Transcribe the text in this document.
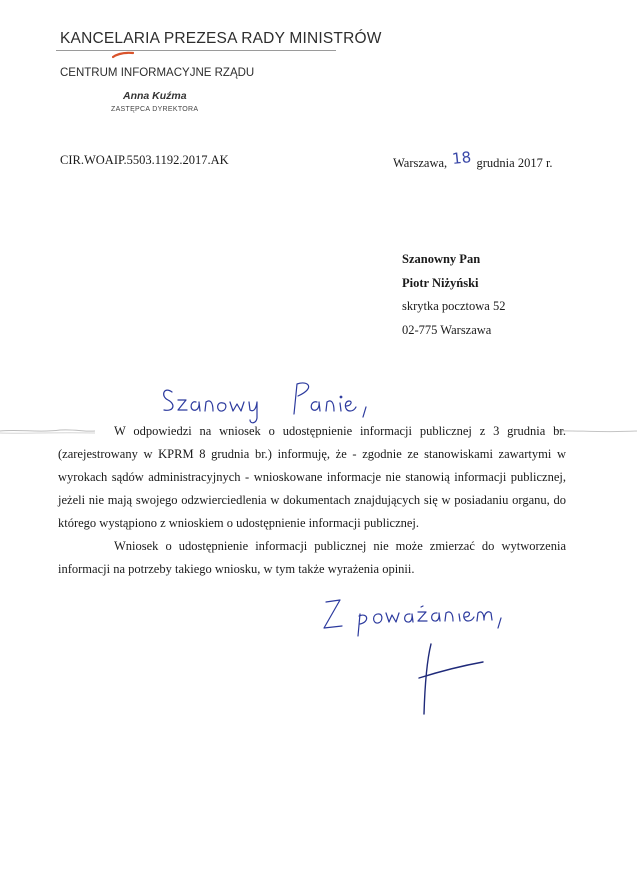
KANCELARIA PREZESA RADY MINISTRÓW
CENTRUM INFORMACYJNE RZĄDU
Anna Kuźma
ZASTĘPCA DYREKTORA
CIR.WOAIP.5503.1192.2017.AK	Warszawa, 18 grudnia 2017 r.
Szanowny Pan
Piotr Niżyński
skrytka pocztowa 52
02-775 Warszawa

W odpowiedzi na wniosek o udostępnienie informacji publicznej z 3 grudnia br. (zarejestrowany w KPRM 8 grudnia br.) informuję, że - zgodnie ze stanowiskami zawartymi w wyrokach sądów administracyjnych - wnioskowane informacje nie stanowią informacji publicznej, jeżeli nie mają swojego odzwierciedlenia w dokumentach znajdujących się w posiadaniu organu, do którego wystąpiono z wnioskiem o udostępnienie informacji publicznej.

Wniosek o udostępnienie informacji publicznej nie może zmierzać do wytworzenia informacji na potrzeby takiego wniosku, w tym także wyrażenia opinii.
